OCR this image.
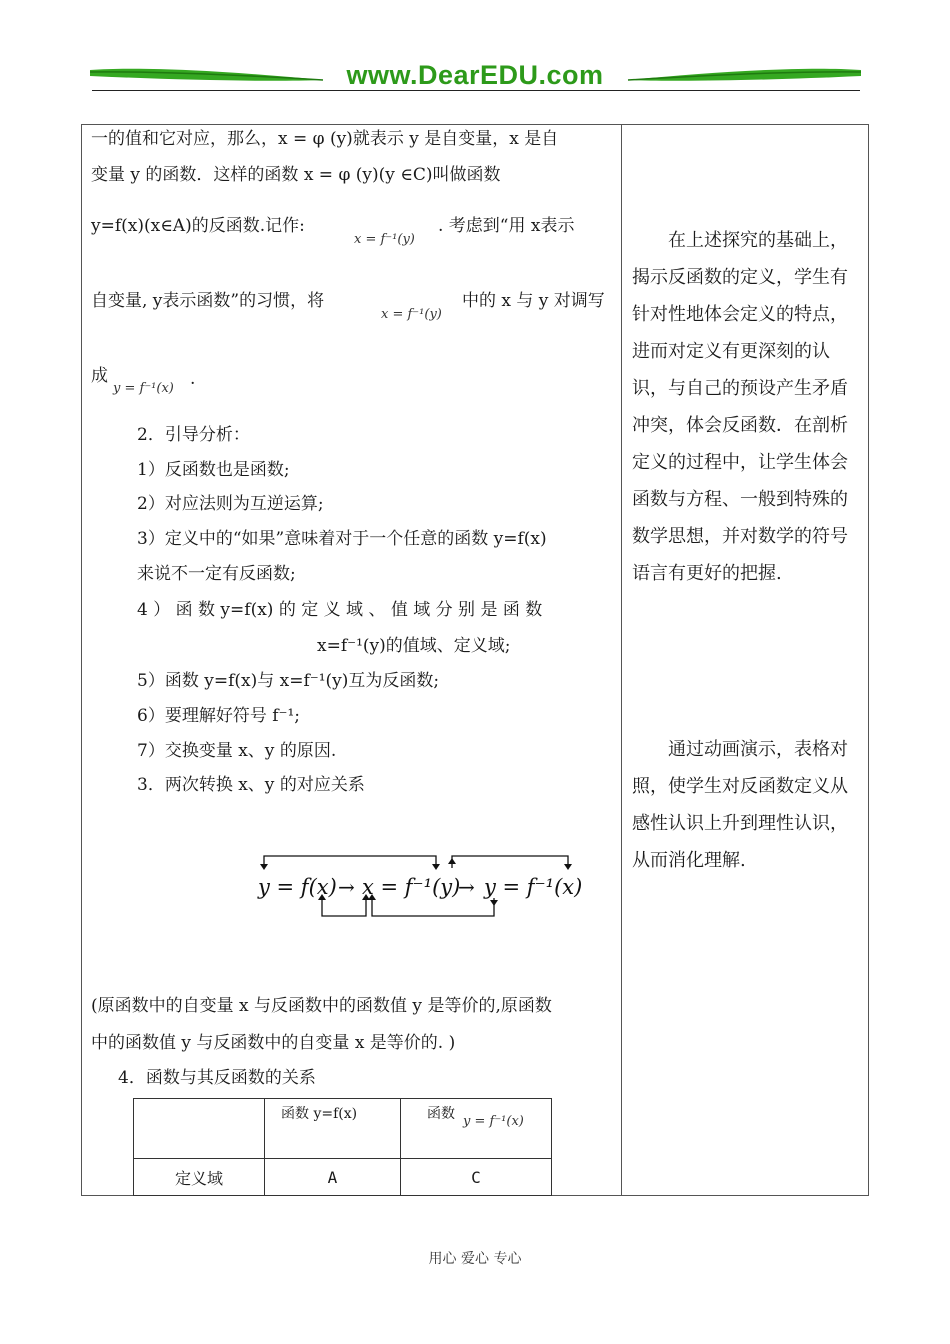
www.DearEDU.com
一的值和它对应，那么，x = φ (y)就表示 y 是自变量，x 是自
变量 y 的函数．这样的函数 x = φ (y)(y ∈C)叫做函数
y=f(x)(x∈A)的反函数.记作:
x = f⁻¹(y)
. 考虑到“用 x表示
自变量, y表示函数”的习惯，将
x = f⁻¹(y)
中的 x 与 y 对调写
成
y = f⁻¹(x) .
2．引导分析：
1）反函数也是函数;
2）对应法则为互逆运算;
3）定义中的“如果”意味着对于一个任意的函数 y=f(x)
来说不一定有反函数;
4 ） 函 数 y=f(x) 的 定 义 域 、 值 域 分 别 是 函 数
x=f⁻¹(y)的值域、定义域;
5）函数 y=f(x)与 x=f⁻¹(y)互为反函数;
6）要理解好符号 f⁻¹;
7）交换变量 x、y 的原因.
3．两次转换 x、y 的对应关系
y = f(x) → x = f⁻¹(y)
→ y = f⁻¹(x)
(原函数中的自变量 x 与反函数中的函数值 y 是等价的,原函数
中的函数值 y 与反函数中的自变量 x 是等价的. )
4．函数与其反函数的关系
	函数 y=f(x)	函数 y = f⁻¹(x)
定义域	A	C
在上述探究的基础上，揭示反函数的定义，学生有针对性地体会定义的特点，进而对定义有更深刻的认识，与自己的预设产生矛盾冲突，体会反函数．在剖析定义的过程中，让学生体会函数与方程、一般到特殊的数学思想，并对数学的符号语言有更好的把握.
通过动画演示，表格对照，使学生对反函数定义从感性认识上升到理性认识，从而消化理解.
用心 爱心 专心
